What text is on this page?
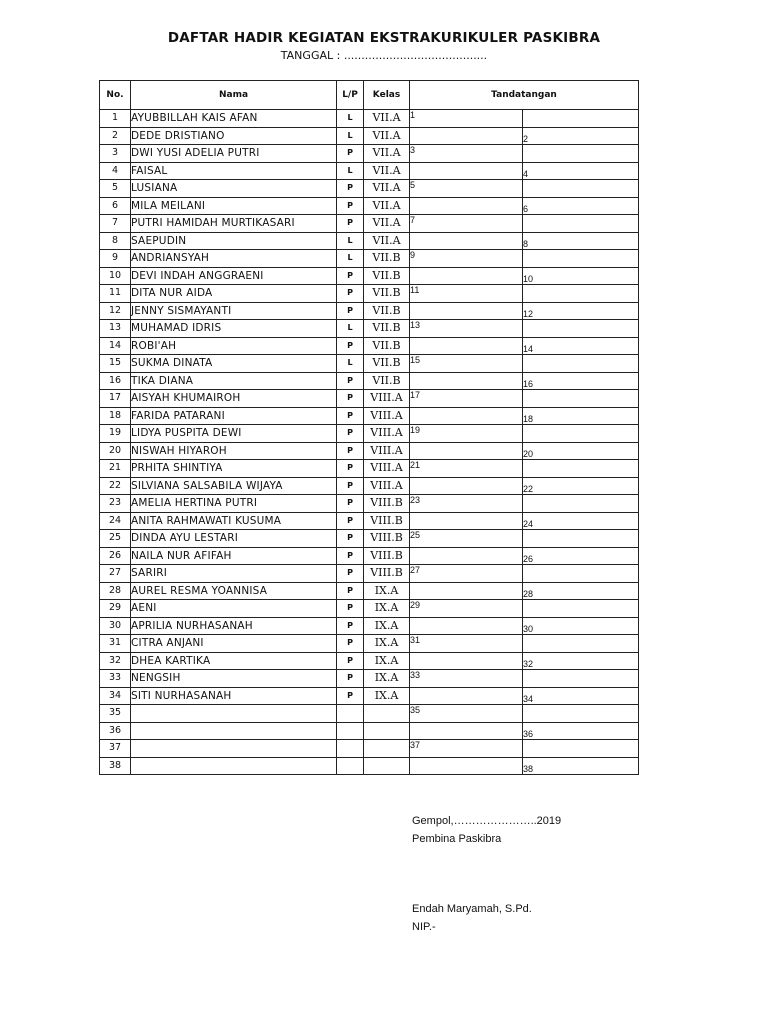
DAFTAR HADIR KEGIATAN EKSTRAKURIKULER PASKIBRA
TANGGAL : .........................................
No.	Nama	L/P	Kelas	Tandatangan	
1	AYUBBILLAH KAIS AFAN	L	VII.A	1	

2	DEDE DRISTIANO	L	VII.A		2

3	DWI YUSI ADELIA PUTRI	P	VII.A	3	

4	FAISAL	L	VII.A		4

5	LUSIANA	P	VII.A	5	

6	MILA MEILANI	P	VII.A		6

7	PUTRI HAMIDAH MURTIKASARI	P	VII.A	7	

8	SAEPUDIN	L	VII.A		8

9	ANDRIANSYAH	L	VII.B	9	

10	DEVI INDAH ANGGRAENI	P	VII.B		10

11	DITA NUR AIDA	P	VII.B	11	

12	JENNY SISMAYANTI	P	VII.B		12

13	MUHAMAD IDRIS	L	VII.B	13	

14	ROBI'AH	P	VII.B		14

15	SUKMA DINATA	L	VII.B	15	

16	TIKA DIANA	P	VII.B		16

17	AISYAH KHUMAIROH	P	VIII.A	17	

18	FARIDA PATARANI	P	VIII.A		18

19	LIDYA PUSPITA DEWI	P	VIII.A	19	

20	NISWAH HIYAROH	P	VIII.A		20

21	PRHITA SHINTIYA	P	VIII.A	21	

22	SILVIANA SALSABILA WIJAYA	P	VIII.A		22

23	AMELIA HERTINA PUTRI	P	VIII.B	23	

24	ANITA RAHMAWATI KUSUMA	P	VIII.B		24

25	DINDA AYU LESTARI	P	VIII.B	25	

26	NAILA NUR AFIFAH	P	VIII.B		26

27	SARIRI	P	VIII.B	27	

28	AUREL RESMA YOANNISA	P	IX.A		28

29	AENI	P	IX.A	29	

30	APRILIA NURHASANAH	P	IX.A		30

31	CITRA ANJANI	P	IX.A	31	

32	DHEA KARTIKA	P	IX.A		32

33	NENGSIH	P	IX.A	33	

34	SITI NURHASANAH	P	IX.A		34

35				35	

36					36

37				37	

38					38
Gempol,…………………..2019
Pembina Paskibra
Endah Maryamah, S.Pd.
NIP.-
